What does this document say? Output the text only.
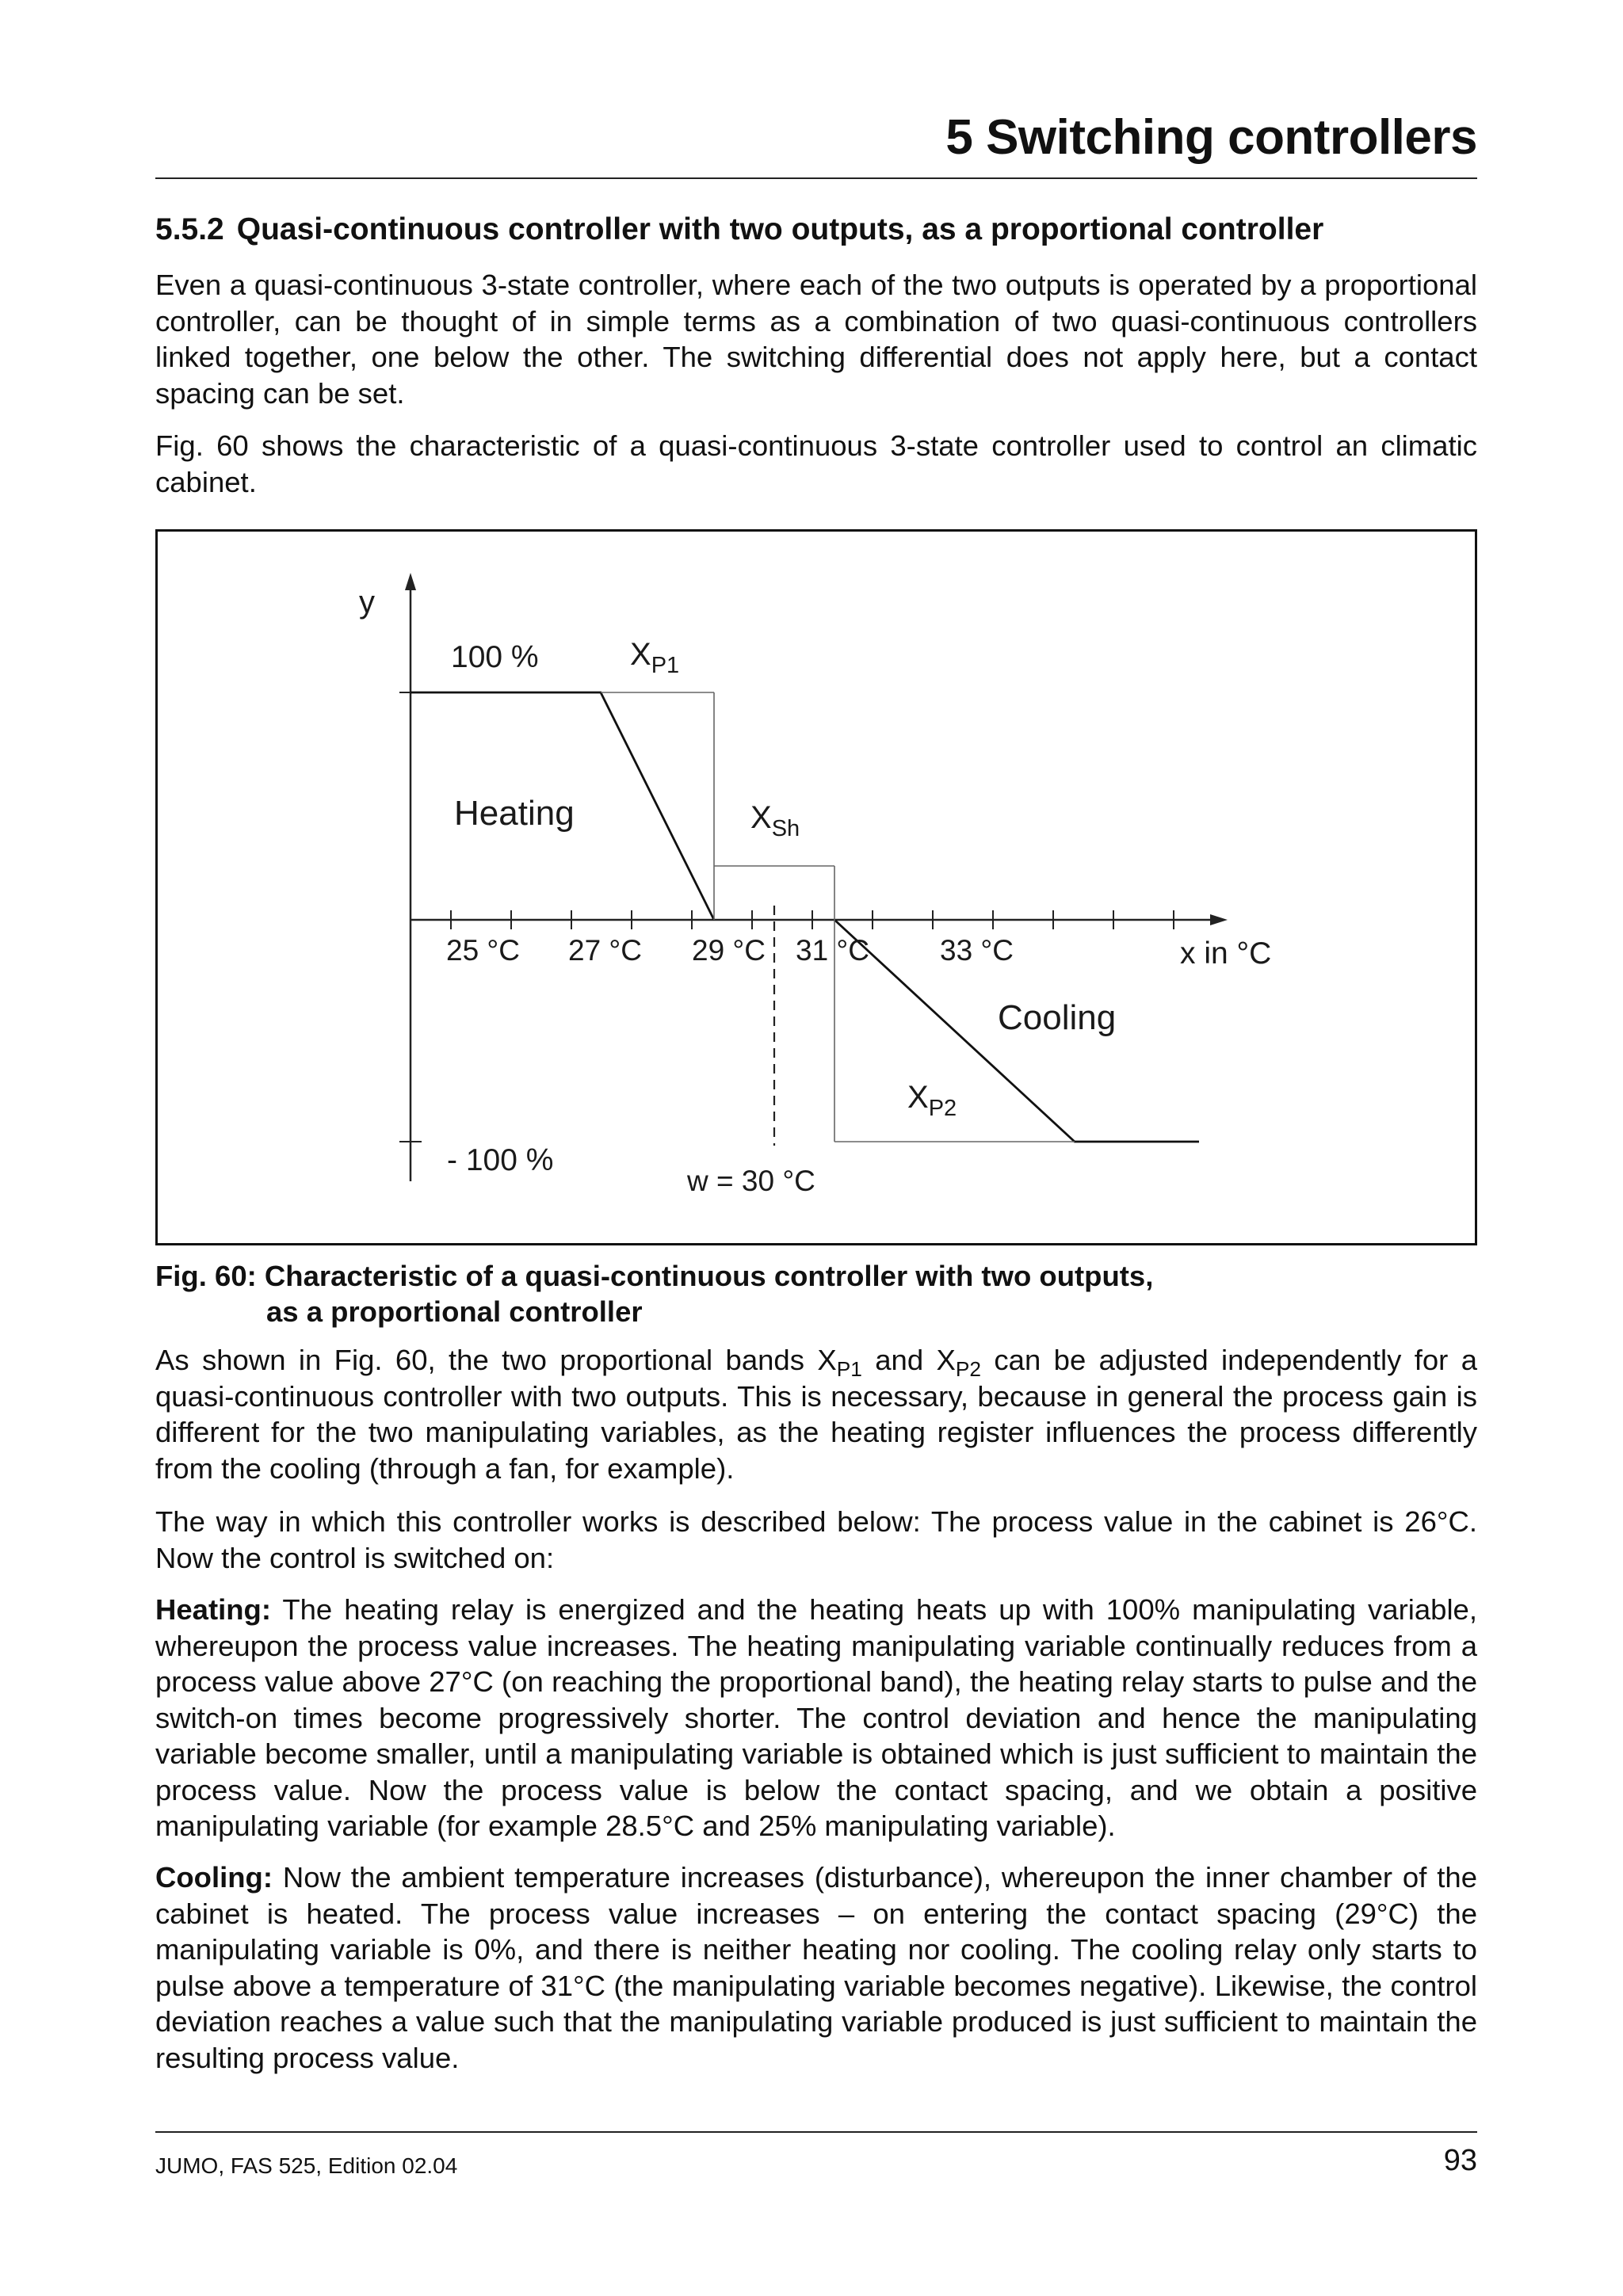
5 Switching controllers
5.5.2 Quasi-continuous controller with two outputs, as a proportional controller

Even a quasi-continuous 3-state controller, where each of the two outputs is operated by a proportional controller, can be thought of in simple terms as a combination of two quasi-continuous controllers linked together, one below the other. The switching differential does not apply here, but a contact spacing can be set.

Fig. 60 shows the characteristic of a quasi-continuous 3-state controller used to control an climatic cabinet.

y
100 %
- 100 %
Heating
Cooling
x in °C
25 °C 27 °C 29 °C 31 °C 33 °C
$X_{P1}$
$X_{Sh}$
$X_{P2}$
w = 30 °C

Fig. 60: Characteristic of a quasi-continuous controller with two outputs,
as a proportional controller

As shown in Fig. 60, the two proportional bands $X_{P1}$ and $X_{P2}$ can be adjusted independently for a quasi-continuous controller with two outputs. This is necessary, because in general the process gain is different for the two manipulating variables, as the heating register influences the process differently from the cooling (through a fan, for example).

The way in which this controller works is described below: The process value in the cabinet is 26°C. Now the control is switched on:

Heating: The heating relay is energized and the heating heats up with 100% manipulating variable, whereupon the process value increases. The heating manipulating variable continually reduces from a process value above 27°C (on reaching the proportional band), the heating relay starts to pulse and the switch-on times become progressively shorter. The control deviation and hence the manipulating variable become smaller, until a manipulating variable is obtained which is just sufficient to maintain the process value. Now the process value is below the contact spacing, and we obtain a positive manipulating variable (for example 28.5°C and 25% manipulating variable).

Cooling: Now the ambient temperature increases (disturbance), whereupon the inner chamber of the cabinet is heated. The process value increases – on entering the contact spacing (29°C) the manipulating variable is 0%, and there is neither heating nor cooling. The cooling relay only starts to pulse above a temperature of 31°C (the manipulating variable becomes negative). Likewise, the control deviation reaches a value such that the manipulating variable produced is just sufficient to maintain the resulting process value.

JUMO, FAS 525, Edition 02.04	93
